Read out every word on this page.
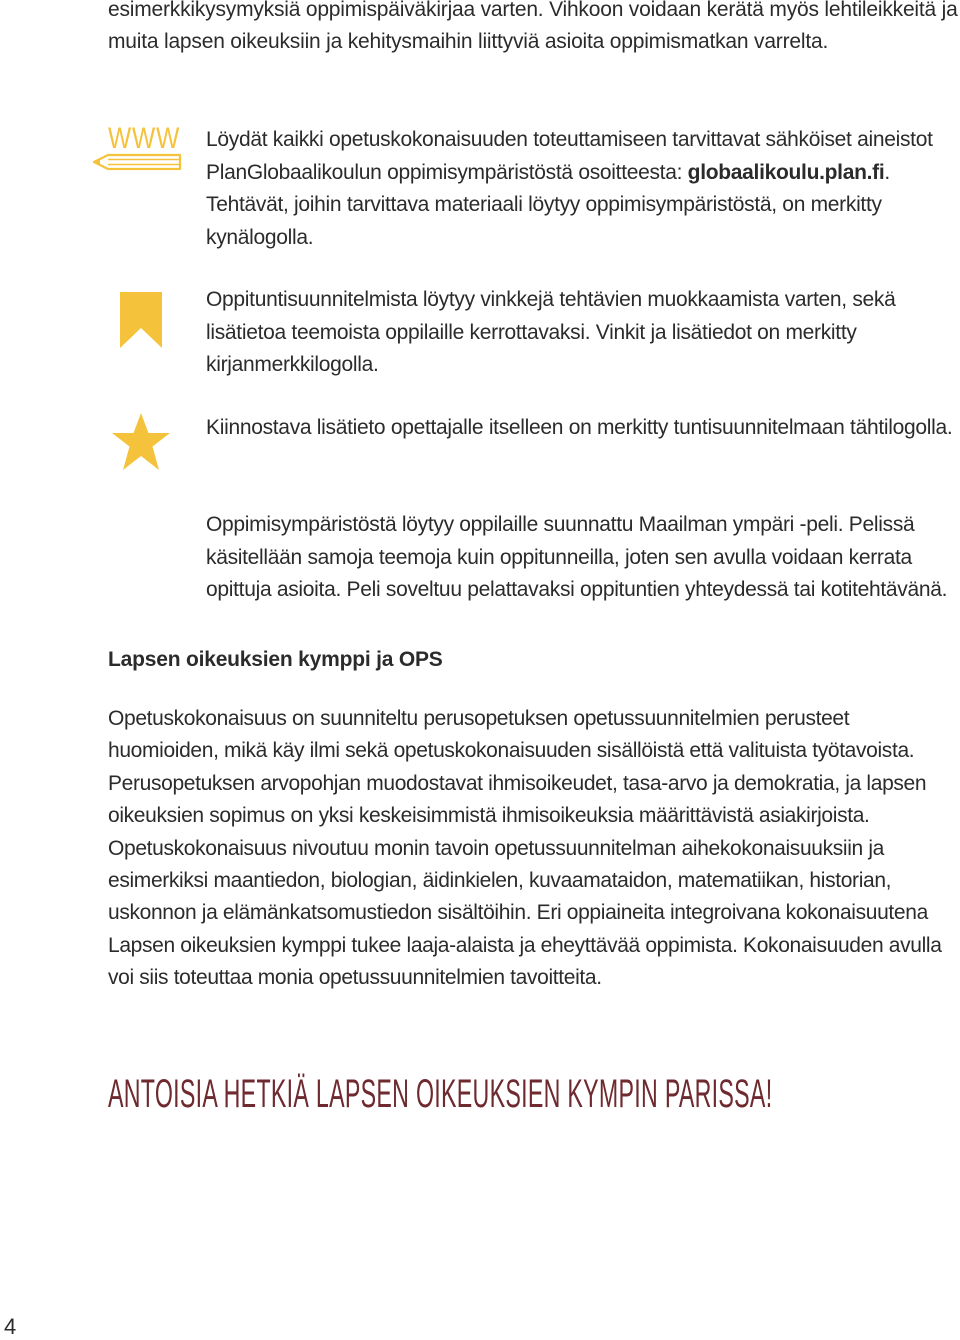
esimerkkikysymyksiä oppimispäiväkirjaa varten. Vihkoon voidaan kerätä myös lehtileikkeitä ja muita lapsen oikeuksiin ja kehitysmaihin liittyviä asioita oppimismatkan varrelta.

WWW Löydät kaikki opetuskokonaisuuden toteuttamiseen tarvittavat sähköiset aineistot PlanGlobaalikoulun oppimisympäristöstä osoitteesta: globaalikoulu.plan.fi. Tehtävät, joihin tarvittava materiaali löytyy oppimisympäristöstä, on merkitty kynälogolla.

Oppituntisuunnitelmista löytyy vinkkejä tehtävien muokkaamista varten, sekä lisätietoa teemoista oppilaille kerrottavaksi. Vinkit ja lisätiedot on merkitty kirjanmerkkilogolla.

Kiinnostava lisätieto opettajalle itselleen on merkitty tuntisuunnitelmaan tähtilogolla.

Oppimisympäristöstä löytyy oppilaille suunnattu Maailman ympäri -peli. Pelissä käsitellään samoja teemoja kuin oppitunneilla, joten sen avulla voidaan kerrata opittuja asioita. Peli soveltuu pelattavaksi oppituntien yhteydessä tai kotitehtävänä.

Lapsen oikeuksien kymppi ja OPS

Opetuskokonaisuus on suunniteltu perusopetuksen opetussuunnitelmien perusteet huomioiden, mikä käy ilmi sekä opetuskokonaisuuden sisällöistä että valituista työtavoista. Perusopetuksen arvopohjan muodostavat ihmisoikeudet, tasa-arvo ja demokratia, ja lapsen oikeuksien sopimus on yksi keskeisimmistä ihmisoikeuksia määrittävistä asiakirjoista. Opetuskokonaisuus nivoutuu monin tavoin opetussuunnitelman aihekokonaisuuksiin ja esimerkiksi maantiedon, biologian, äidinkielen, kuvaamataidon, matematiikan, historian, uskonnon ja elämänkatsomustiedon sisältöihin. Eri oppiaineita integroivana kokonaisuutena Lapsen oikeuksien kymppi tukee laaja-alaista ja eheyttävää oppimista. Kokonaisuuden avulla voi siis toteuttaa monia opetussuunnitelmien tavoitteita.

ANTOISIA HETKIÄ LAPSEN OIKEUKSIEN KYMPIN PARISSA!

4
